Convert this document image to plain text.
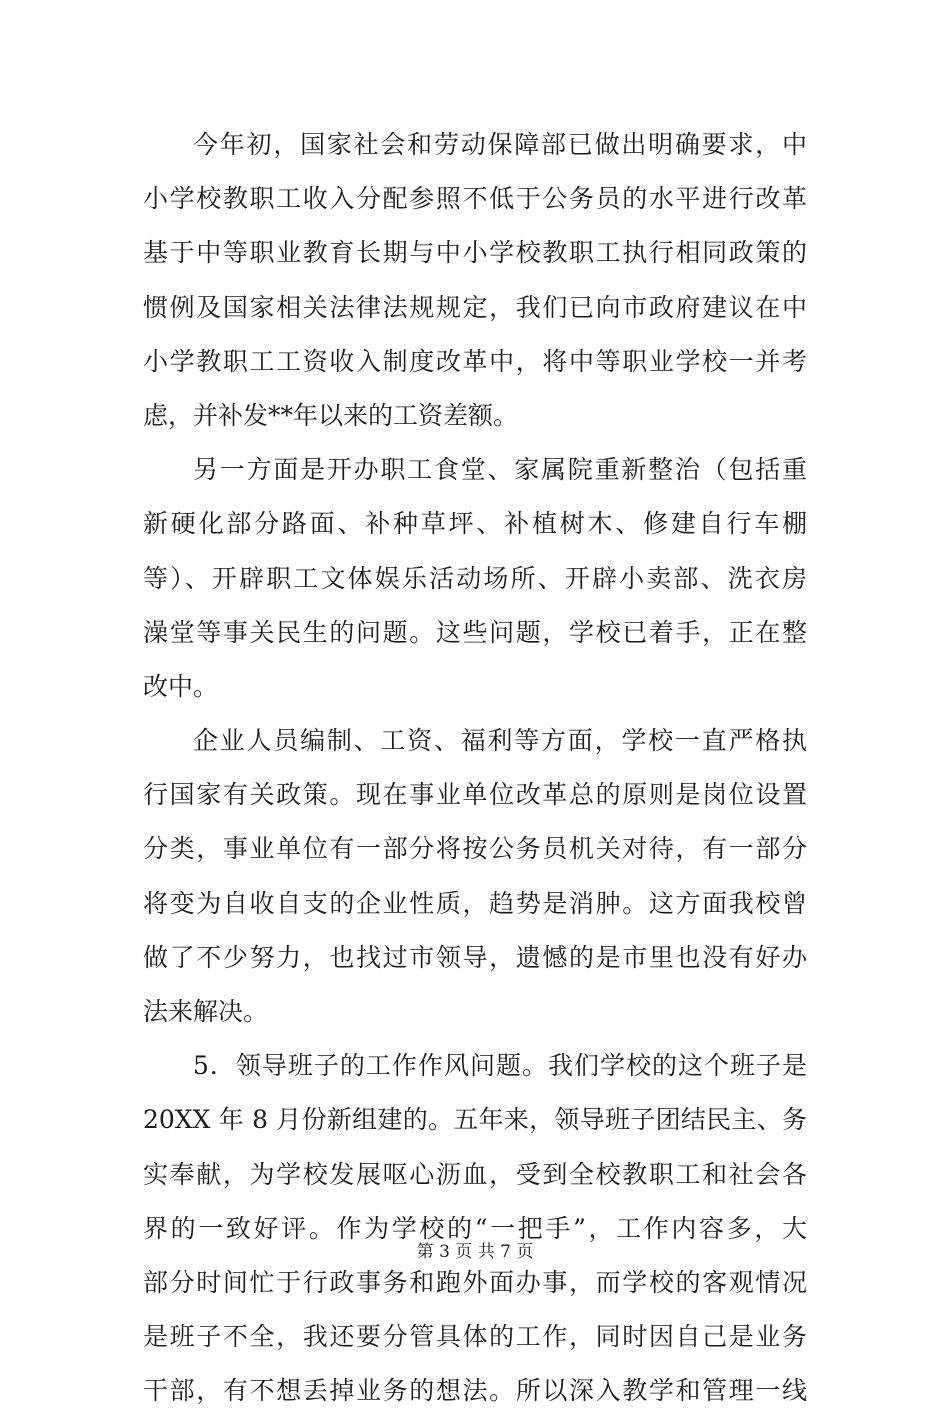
今年初，国家社会和劳动保障部已做出明确要求，中
小学校教职工收入分配参照不低于公务员的水平进行改革
基于中等职业教育长期与中小学校教职工执行相同政策的
惯例及国家相关法律法规规定，我们已向市政府建议在中
小学教职工工资收入制度改革中，将中等职业学校一并考
虑，并补发**年以来的工资差额。
另一方面是开办职工食堂、家属院重新整治（包括重
新硬化部分路面、补种草坪、补植树木、修建自行车棚
等）、开辟职工文体娱乐活动场所、开辟小卖部、洗衣房
澡堂等事关民生的问题。这些问题，学校已着手，正在整
改中。
企业人员编制、工资、福利等方面，学校一直严格执
行国家有关政策。现在事业单位改革总的原则是岗位设置
分类，事业单位有一部分将按公务员机关对待，有一部分
将变为自收自支的企业性质，趋势是消肿。这方面我校曾
做了不少努力，也找过市领导，遗憾的是市里也没有好办
法来解决。
5．领导班子的工作作风问题。我们学校的这个班子是
20XX 年 8 月份新组建的。五年来，领导班子团结民主、务
实奉献，为学校发展呕心沥血，受到全校教职工和社会各
界的一致好评。作为学校的“一把手”，工作内容多，大
部分时间忙于行政事务和跑外面办事，而学校的客观情况
是班子不全，我还要分管具体的工作，同时因自己是业务
干部，有不想丢掉业务的想法。所以深入教学和管理一线
第 3 页 共 7 页
